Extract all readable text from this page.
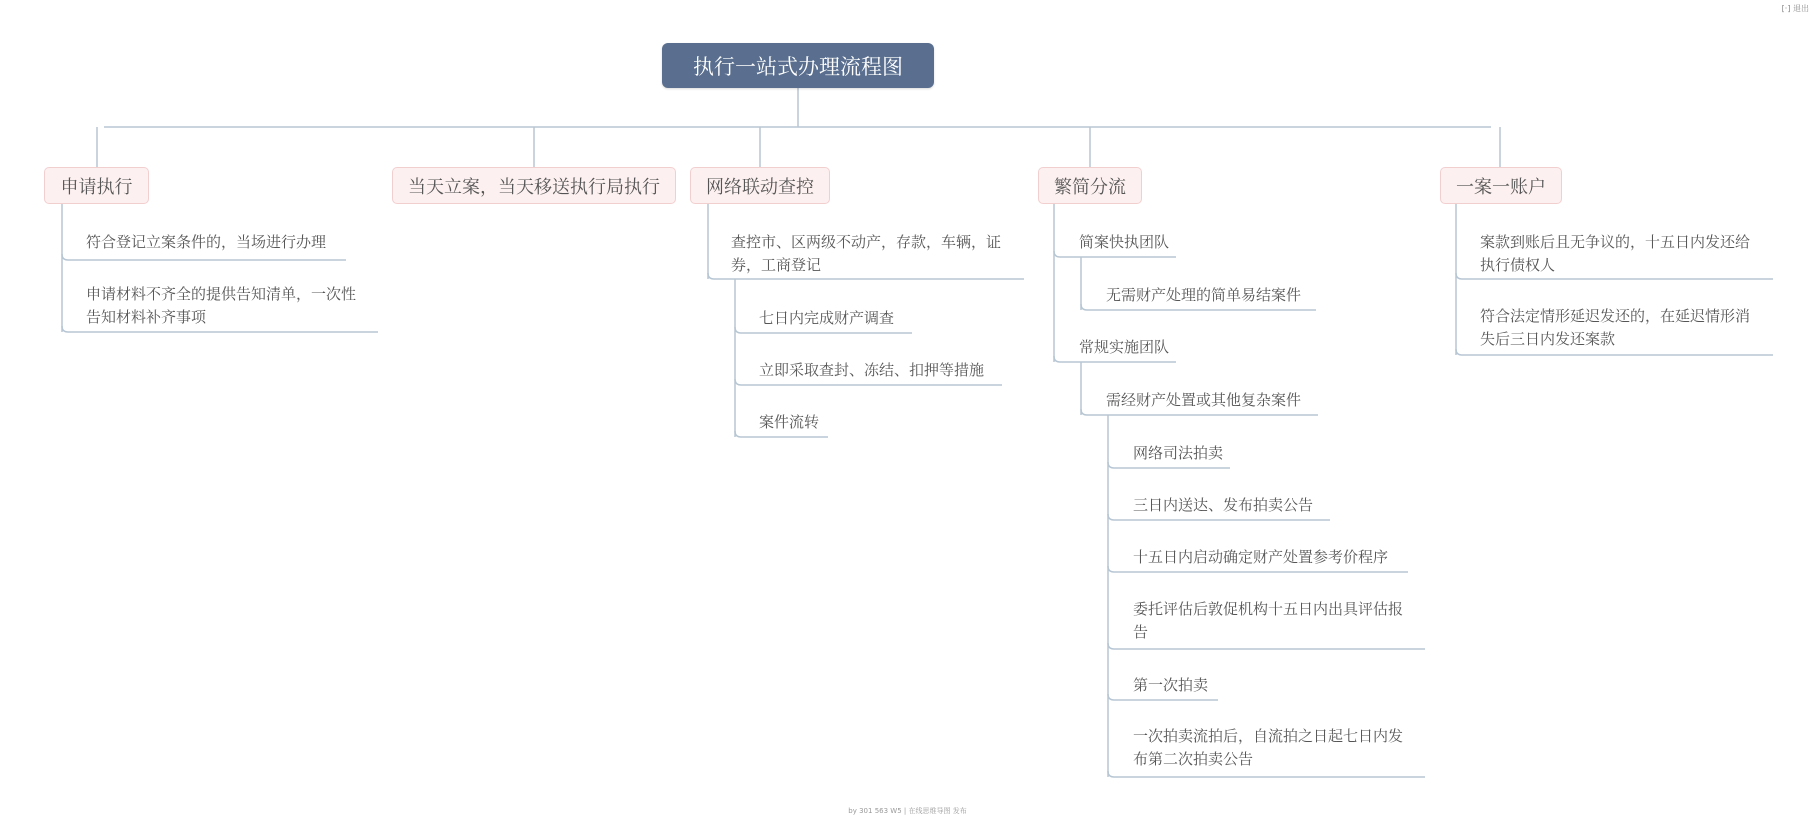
[·] 退出
执行一站式办理流程图
申请执行	当天立案，当天移送执行局执行	网络联动查控	繁简分流	一案一账户
符合登记立案条件的，当场进行办理
申请材料不齐全的提供告知清单，一次性
告知材料补齐事项
查控市、区两级不动产，存款，车辆，证
券，工商登记
七日内完成财产调查
立即采取查封、冻结、扣押等措施
案件流转
简案快执团队
无需财产处理的简单易结案件
常规实施团队
需经财产处置或其他复杂案件
网络司法拍卖
三日内送达、发布拍卖公告
十五日内启动确定财产处置参考价程序
委托评估后敦促机构十五日内出具评估报
告
第一次拍卖
一次拍卖流拍后，自流拍之日起七日内发
布第二次拍卖公告
案款到账后且无争议的，十五日内发还给
执行债权人
符合法定情形延迟发还的，在延迟情形消
失后三日内发还案款
by 301 563 W5 | 在线思维导图 发布
